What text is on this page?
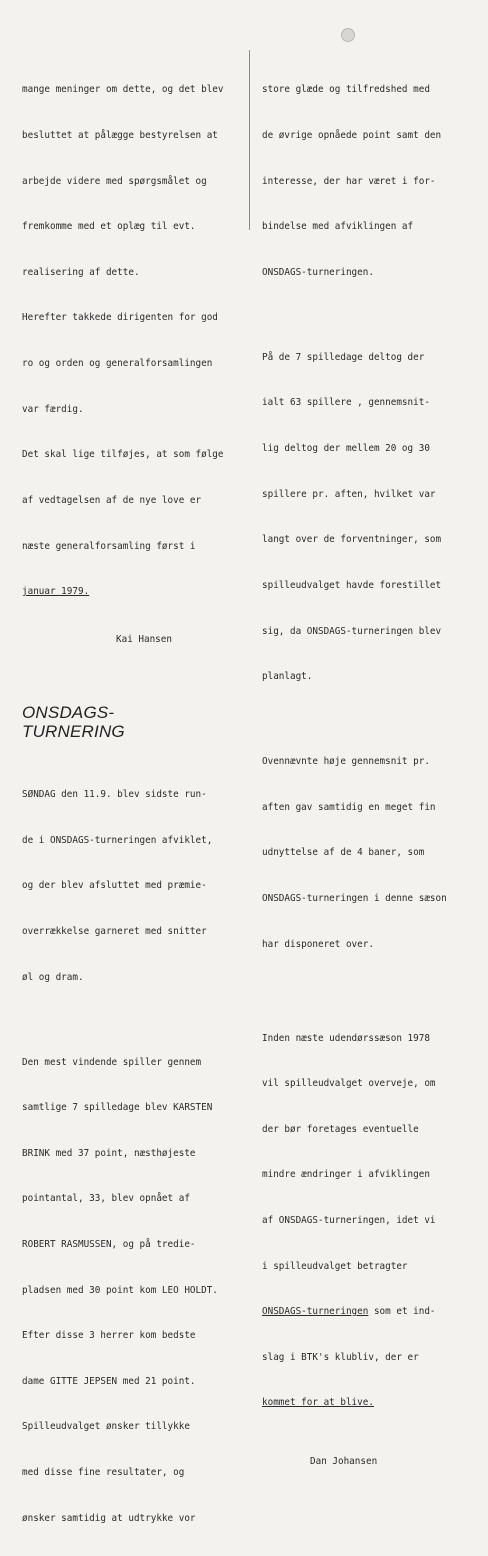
mange meninger om dette, og det blev

besluttet at pålægge bestyrelsen at

arbejde videre med spørgsmålet og

fremkomme med et oplæg til evt.

realisering af dette.

Herefter takkede dirigenten for god

ro og orden og generalforsamlingen

var færdig.

Det skal lige tilføjes, at som følge

af vedtagelsen af de nye love er

næste generalforsamling først i

januar 1979.

Kai Hansen
ONSDAGS-
TURNERING

SØNDAG den 11.9. blev sidste run-

de i ONSDAGS-turneringen afviklet,

og der blev afsluttet med præmie-

overrækkelse garneret med snitter

øl og dram.

Den mest vindende spiller gennem

samtlige 7 spilledage blev KARSTEN

BRINK med 37 point, næsthøjeste

pointantal, 33, blev opnået af

ROBERT RASMUSSEN, og på tredie-

pladsen med 30 point kom LEO HOLDT.

Efter disse 3 herrer kom bedste

dame GITTE JEPSEN med 21 point.

Spilleudvalget ønsker tillykke

med disse fine resultater, og

ønsker samtidig at udtrykke vor

store glæde og tilfredshed med

de øvrige opnåede point samt den

interesse, der har været i for-

bindelse med afviklingen af

ONSDAGS-turneringen.

På de 7 spilledage deltog der

ialt 63 spillere , gennemsnit-

lig deltog der mellem 20 og 30

spillere pr. aften, hvilket var

langt over de forventninger, som

spilleudvalget havde forestillet

sig, da ONSDAGS-turneringen blev

planlagt.

Ovennævnte høje gennemsnit pr.

aften gav samtidig en meget fin

udnyttelse af de 4 baner, som

ONSDAGS-turneringen i denne sæson

har disponeret over.

Inden næste udendørssæson 1978

vil spilleudvalget overveje, om

der bør foretages eventuelle

mindre ændringer i afviklingen

af ONSDAGS-turneringen, idet vi

i spilleudvalget betragter

ONSDAGS-turneringen som et ind-

slag i BTK's klubliv, der er

kommet for at blive.

Dan Johansen
